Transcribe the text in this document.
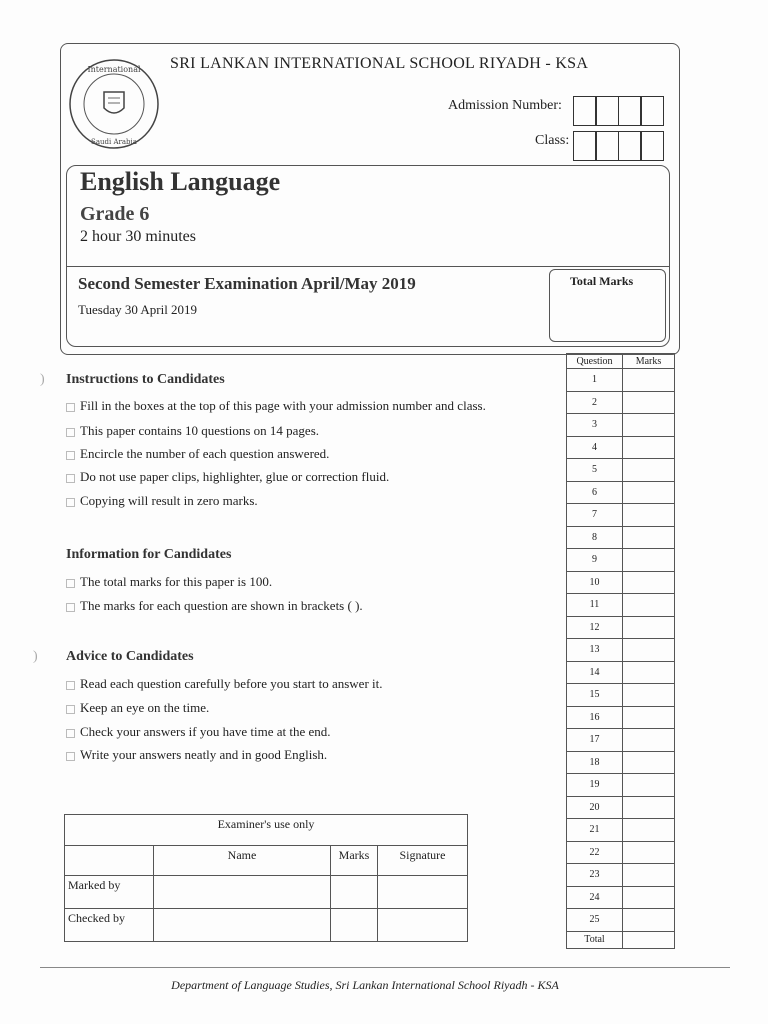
International
Saudi Arabia
SRI LANKAN INTERNATIONAL SCHOOL RIYADH - KSA
Admission Number:
Class:
English Language
Grade 6
2 hour 30 minutes
Second Semester Examination April/May 2019
Tuesday 30 April 2019
Total Marks
)
)
Instructions to Candidates
Fill in the boxes at the top of this page with your admission number and class.
This paper contains 10 questions on 14 pages.
Encircle the number of each question answered.
Do not use paper clips, highlighter, glue or correction fluid.
Copying will result in zero marks.
Information for Candidates
The total marks for this paper is 100.
The marks for each question are shown in brackets ( ).
Advice to Candidates
Read each question carefully before you start to answer it.
Keep an eye on the time.
Check your answers if you have time at the end.
Write your answers neatly and in good English.
Question	Marks
1	
2	
3	
4	
5	
6	
7	
8	
9	
10	
11	
12	
13	
14	
15	
16	
17	
18	
19	
20	
21	
22	
23	
24	
25	
Total	
Examiner's use only			
	Name	Marks	Signature
Marked by			
Checked by			
Department of Language Studies, Sri Lankan International School Riyadh - KSA
